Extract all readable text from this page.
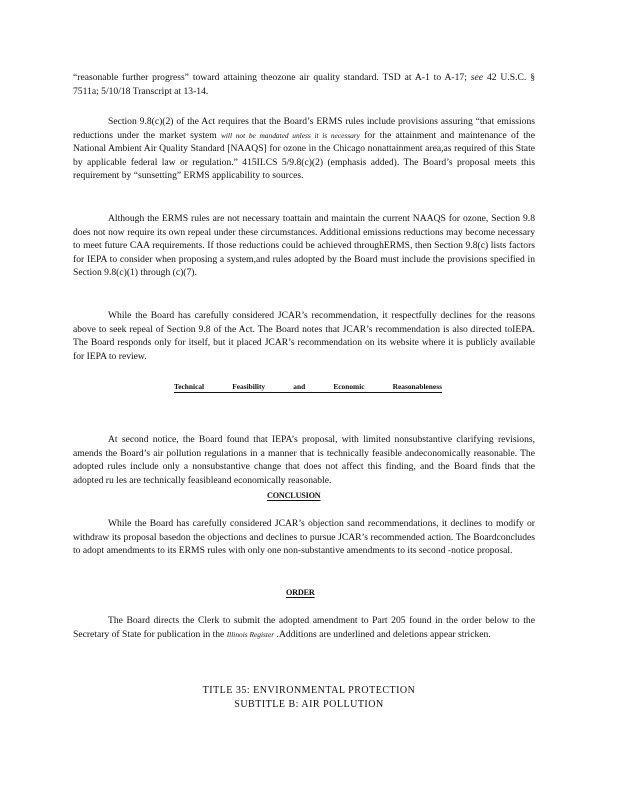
“reasonable further progress” toward attaining theozone air quality standard. TSD at A-1 to A-17; see 42 U.S.C. § 7511a; 5/10/18 Transcript at 13-14.

Section 9.8(c)(2) of the Act requires that the Board’s ERMS rules include provisions assuring “that emissions reductions under the market system will not be mandated unless it is necessary for the attainment and maintenance of the National Ambient Air Quality Standard [NAAQS] for ozone in the Chicago nonattainment area,as required of this State by applicable federal law or regulation.” 415ILCS 5/9.8(c)(2) (emphasis added). The Board’s proposal meets this requirement by “sunsetting” ERMS applicability to sources.

Although the ERMS rules are not necessary toattain and maintain the current NAAQS for ozone, Section 9.8 does not now require its own repeal under these circumstances. Additional emissions reductions may become necessary to meet future CAA requirements. If those reductions could be achieved throughERMS, then Section 9.8(c) lists factors for IEPA to consider when proposing a system,and rules adopted by the Board must include the provisions specified in Section 9.8(c)(1) through (c)(7).

While the Board has carefully considered JCAR’s recommendation, it respectfully declines for the reasons above to seek repeal of Section 9.8 of the Act. The Board notes that JCAR’s recommendation is also directed toIEPA. The Board responds only for itself, but it placed JCAR’s recommendation on its website where it is publicly available for IEPA to review.

Technical	Feasibility	and	Economic	Reasonableness

At second notice, the Board found that IEPA’s proposal, with limited nonsubstantive clarifying revisions, amends the Board’s air pollution regulations in a manner that is technically feasible andeconomically reasonable. The adopted rules include only a nonsubstantive change that does not affect this finding, and the Board finds that the adopted ru les are technically feasibleand economically reasonable.

CONCLUSION

While the Board has carefully considered JCAR’s objection sand recommendations, it declines to modify or withdraw its proposal basedon the objections and declines to pursue JCAR’s recommended action. The Boardconcludes to adopt amendments to its ERMS rules with only one non-substantive amendments to its second -notice proposal.

ORDER

The Board directs the Clerk to submit the adopted amendment to Part 205 found in the order below to the Secretary of State for publication in the Illinois Register .Additions are underlined and deletions appear stricken.

TITLE 35: ENVIRONMENTAL PROTECTION

SUBTITLE B: AIR POLLUTION
